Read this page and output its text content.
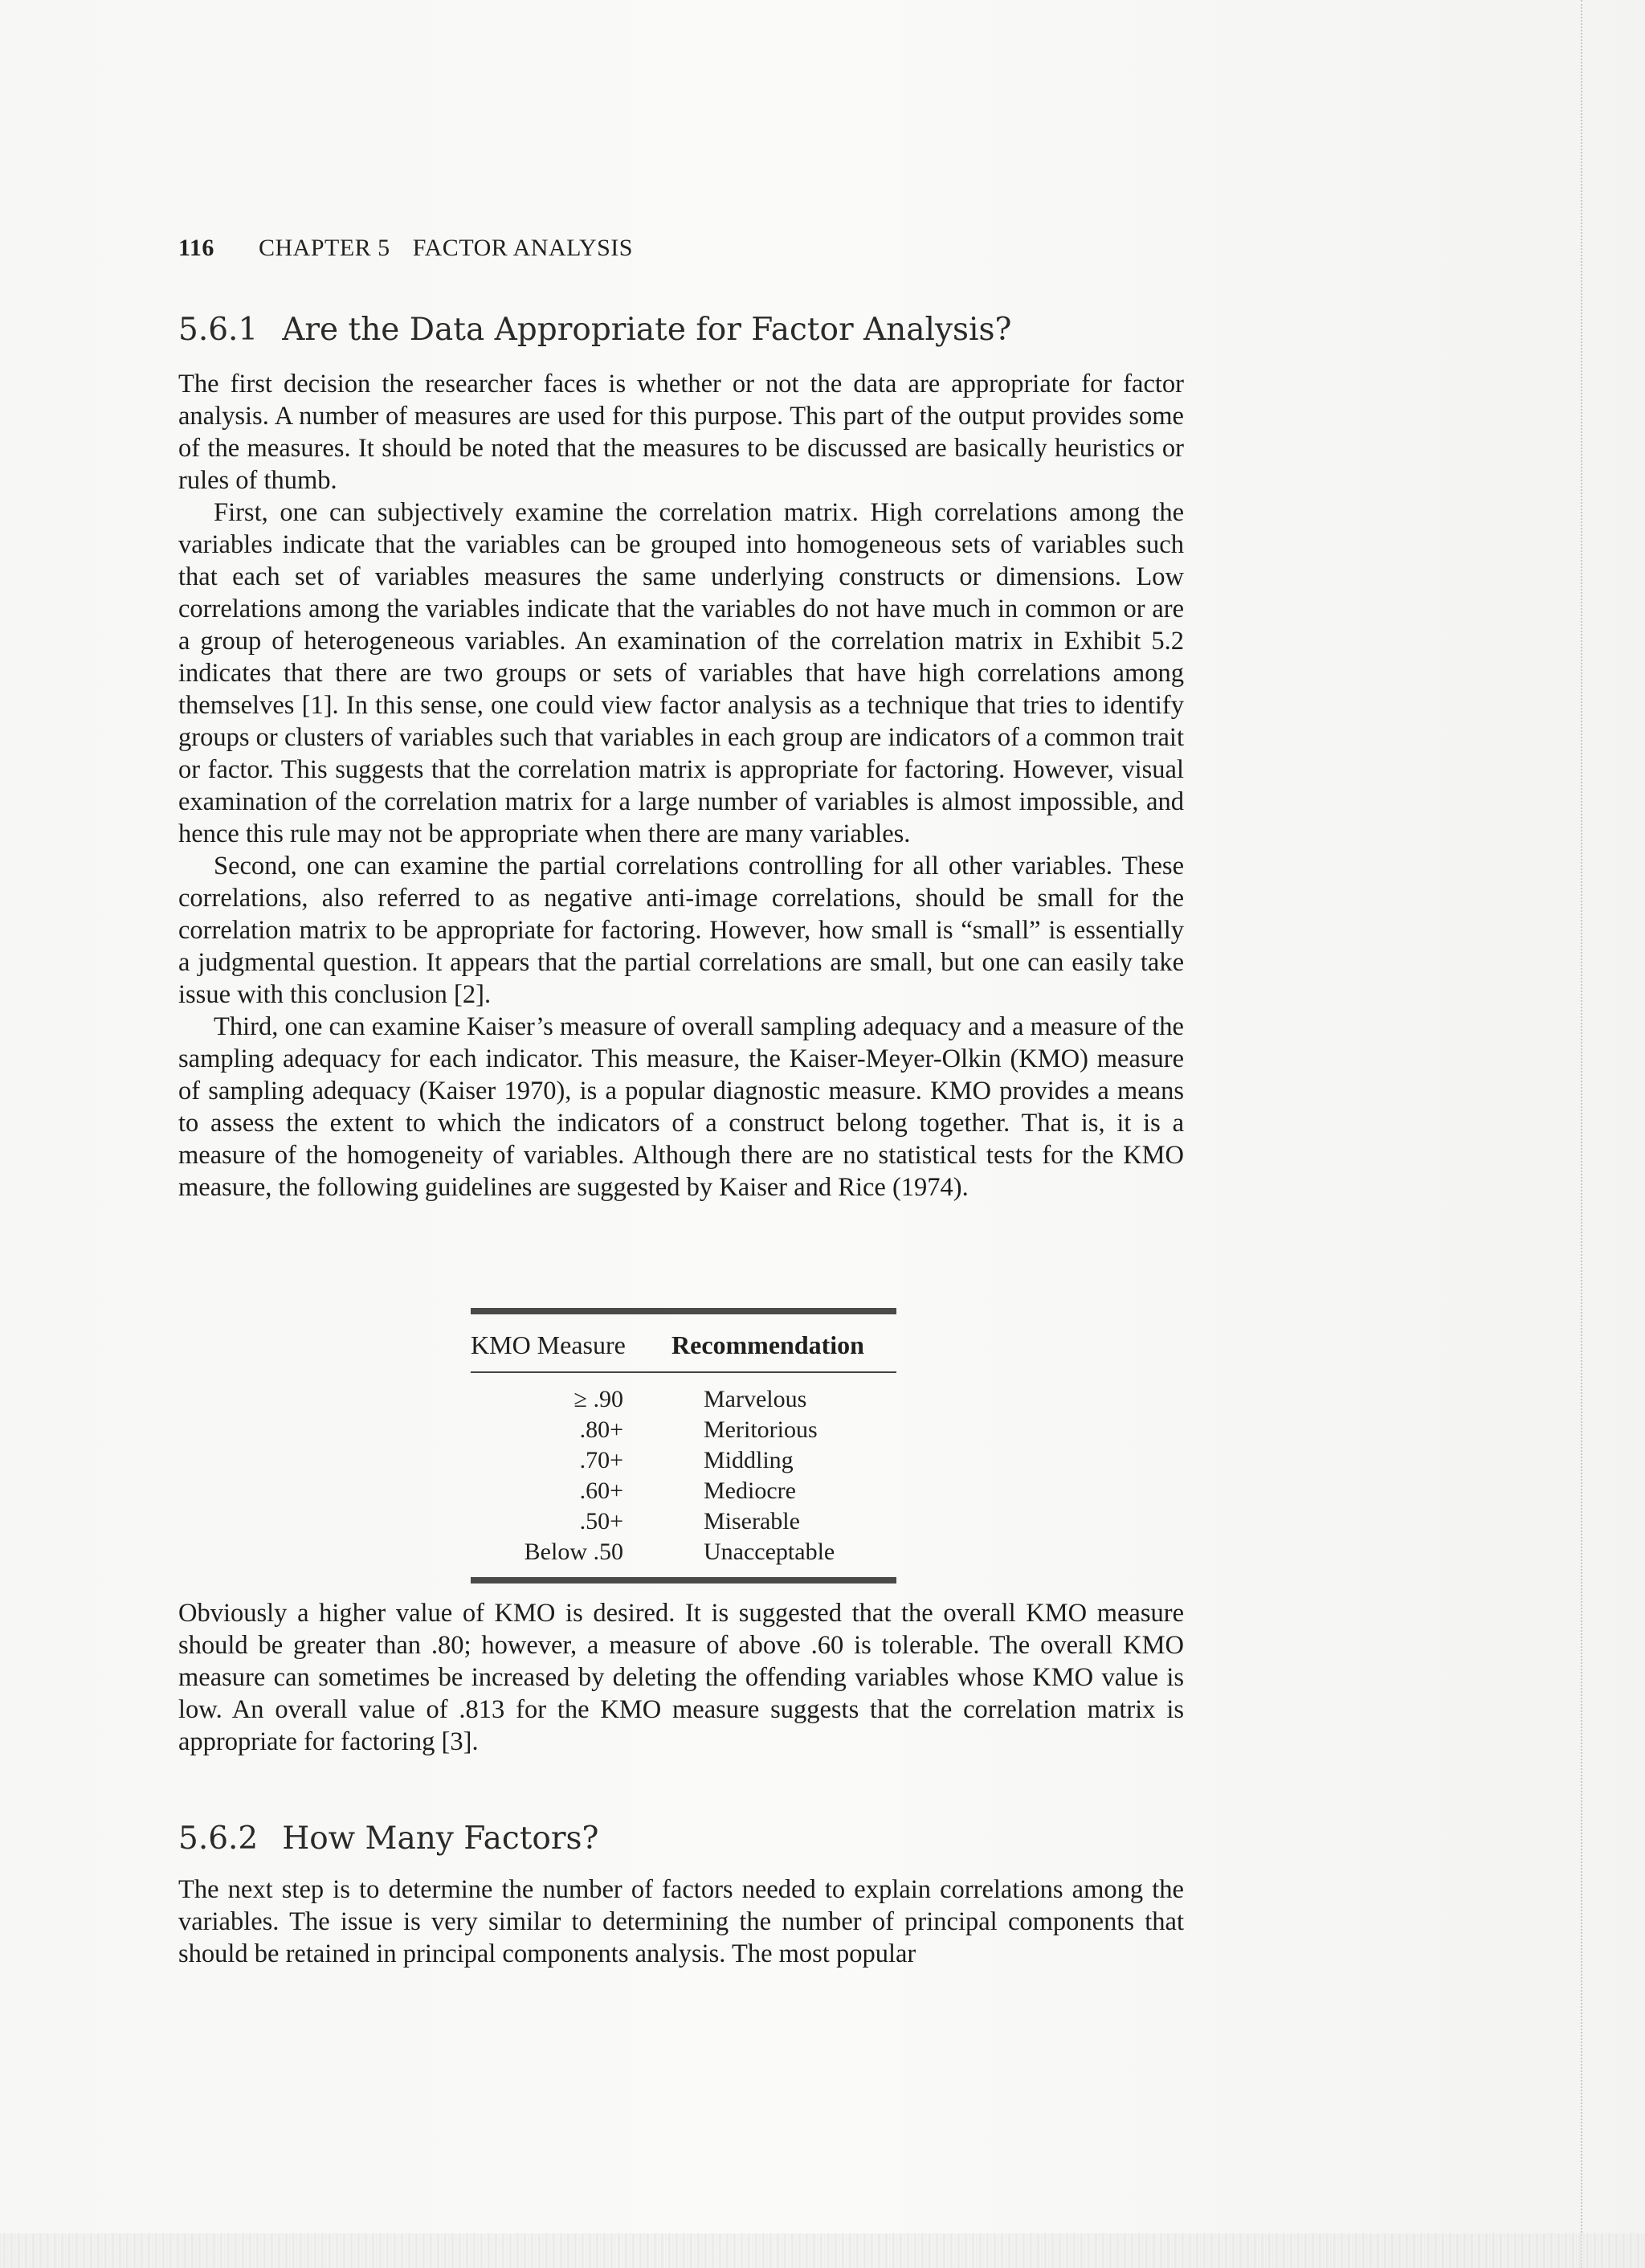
116 CHAPTER 5 FACTOR ANALYSIS
5.6.1 Are the Data Appropriate for Factor Analysis?

The first decision the researcher faces is whether or not the data are appropriate for factor analysis. A number of measures are used for this purpose. This part of the output provides some of the measures. It should be noted that the measures to be discussed are basically heuristics or rules of thumb.

First, one can subjectively examine the correlation matrix. High correlations among the variables indicate that the variables can be grouped into homogeneous sets of variables such that each set of variables measures the same underlying constructs or dimensions. Low correlations among the variables indicate that the variables do not have much in common or are a group of heterogeneous variables. An examination of the correlation matrix in Exhibit 5.2 indicates that there are two groups or sets of variables that have high correlations among themselves [1]. In this sense, one could view factor analysis as a technique that tries to identify groups or clusters of variables such that variables in each group are indicators of a common trait or factor. This suggests that the correlation matrix is appropriate for factoring. However, visual examination of the correlation matrix for a large number of variables is almost impossible, and hence this rule may not be appropriate when there are many variables.

Second, one can examine the partial correlations controlling for all other variables. These correlations, also referred to as negative anti-image correlations, should be small for the correlation matrix to be appropriate for factoring. However, how small is “small” is essentially a judgmental question. It appears that the partial correlations are small, but one can easily take issue with this conclusion [2].

Third, one can examine Kaiser’s measure of overall sampling adequacy and a measure of the sampling adequacy for each indicator. This measure, the Kaiser-Meyer-Olkin (KMO) measure of sampling adequacy (Kaiser 1970), is a popular diagnostic measure. KMO provides a means to assess the extent to which the indicators of a construct belong together. That is, it is a measure of the homogeneity of variables. Although there are no statistical tests for the KMO measure, the following guidelines are suggested by Kaiser and Rice (1974).

KMO Measure	Recommendation
≥ .90	Marvelous
.80+	Meritorious
.70+	Middling
.60+	Mediocre
.50+	Miserable
Below .50	Unacceptable

Obviously a higher value of KMO is desired. It is suggested that the overall KMO measure should be greater than .80; however, a measure of above .60 is tolerable. The overall KMO measure can sometimes be increased by deleting the offending variables whose KMO value is low. An overall value of .813 for the KMO measure suggests that the correlation matrix is appropriate for factoring [3].

5.6.2 How Many Factors?

The next step is to determine the number of factors needed to explain correlations among the variables. The issue is very similar to determining the number of principal components that should be retained in principal components analysis. The most popular
